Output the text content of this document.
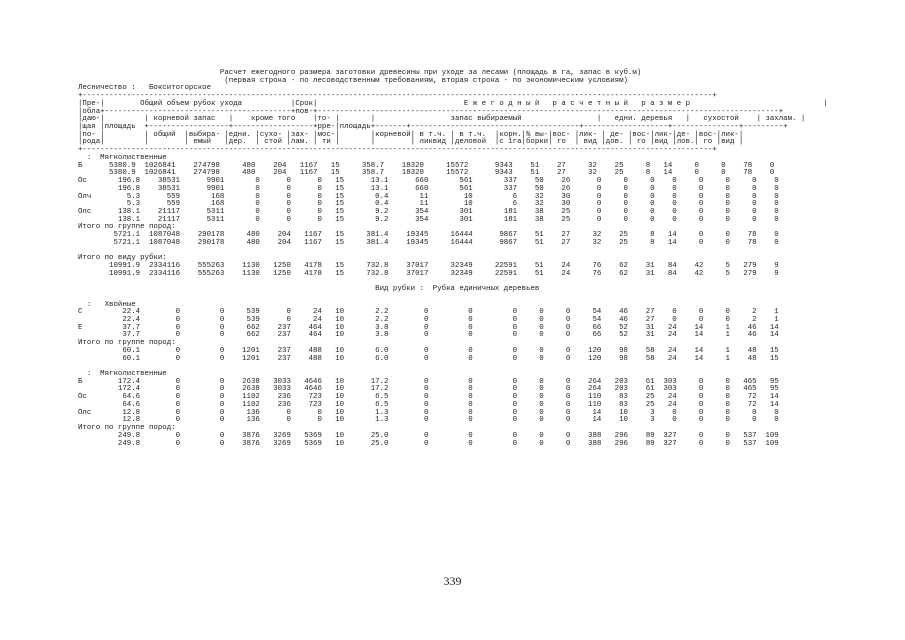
Расчет ежегодного размера заготовки древесины при уходе за лесами (площадь в га, запас в куб.м)
(первая строка - по лесоводственным требованиям, вторая строка - по экономическим условиям)
Лесничество :   Бокситогорское
+----------------------------------------------------------------------------------------------------------------------------------------------+
|Пре-|        Общий объем рубок ухода           |Срок|                                 Е ж е г о д н ы й   р а с ч е т н ы й   р а з м е р                              |
|обла+------------------------------------------+пов-+--------------------------------------------------------------------------------------------------------+
|даю-|         | корневой запас   |    кроме того    |то- |       |                 запас выбираемый                 |   едни. деревья   |   сухостой    | захлам. |
|щая |площадь  +------------------+------------------+рре-|площадь+-------+--------------------------------------+-------------------+---------------+---------+
|по- |         | общий  |выбира- |едни. |сухо- |зах- |мос-|       |корневой| в т.ч. | в т.ч.  |корн.|% вы-|вос- |лик- | де- |вос-|лик-|де- |вос-|лик-|
|рода|         |        | емый   |дер.  | стой |лам. | ти |       |        | ликвид |деловой  |с 1га|борки| го  | вид |дов. | го |вид |лов.| го |вид |
+----------------------------------------------------------------------------------------------------------------------------------------------+
:  Мягколиственные
Б      5380.9  1026841    274798     480    204   1167   15     358.7    18320     15572      9343    51    27     32    25     8   14     0     0    78    0
5380.9  1026841    274798     480    204   1167   15     358.7    18320     15572      9343    51    27     32    25     8   14     0     0    78    0
Ос       196.8    38531      9901       0      0      0   15      13.1      660       561       337    50    26      0     0     0    0     0     0     0    0
196.8    38531      9901       0      0      0   15      13.1      660       561       337    50    26      0     0     0    0     0     0     0    0
Олч        5.3      559       168       0      0      0   15       0.4       11        10         6    32    30      0     0     0    0     0     0     0    0
5.3      559       168       0      0      0   15       0.4       11        10         6    32    30      0     0     0    0     0     0     0    0
Олс      138.1    21117      5311       0      0      0   15       9.2      354       301       181    38    25      0     0     0    0     0     0     0    0
138.1    21117      5311       0      0      0   15       9.2      354       301       181    38    25      0     0     0    0     0     0     0    0
Итого по группе пород:
5721.1  1087048    290178     480    204   1167   15     381.4    19345     16444      9867    51    27     32    25     8   14     0     0    78    0
5721.1  1087048    290178     480    204   1167   15     381.4    19345     16444      9867    51    27     32    25     8   14     0     0    78    0
Итого по виду рубки:
10991.9  2334116    555263    1130   1250   4178   15     732.8    37017     32349     22591    51    24     76    62    31   84    42     5   279    9
10991.9  2334116    555263    1130   1250   4178   15     732.8    37017     32349     22591    51    24     76    62    31   84    42     5   279    9
Вид рубки :  Рубка единичных деревьев
:   Хвойные
С         22.4        0         0     539      0     24   10       2.2        0         0         0     0     0     54    46    27    0     0     0     2    1
22.4        0         0     539      0     24   10       2.2        0         0         0     0     0     54    46    27    0     0     0     2    1
Е         37.7        0         0     662    237    464   10       3.8        0         0         0     0     0     66    52    31   24    14     1    46   14
37.7        0         0     662    237    464   10       3.8        0         0         0     0     0     66    52    31   24    14     1    46   14
Итого по группе пород:
60.1        0         0    1201    237    488   10       6.0        0         0         0     0     0    120    98    58   24    14     1    48   15
60.1        0         0    1201    237    488   10       6.0        0         0         0     0     0    120    98    58   24    14     1    48   15
:  Мягколиственные
Б        172.4        0         0    2638   3033   4646   10      17.2        0         0         0     0     0    264   203    61  303     0     0   465   95
172.4        0         0    2638   3033   4646   10      17.2        0         0         0     0     0    264   203    61  303     0     0   465   95
Ос        64.6        0         0    1102    236    723   10       6.5        0         0         0     0     0    110    83    25   24     0     0    72   14
64.6        0         0    1102    236    723   10       6.5        0         0         0     0     0    110    83    25   24     0     0    72   14
Олс       12.8        0         0     136      0      0   10       1.3        0         0         0     0     0     14    10     3    0     0     0     0    0
12.8        0         0     136      0      0   10       1.3        0         0         0     0     0     14    10     3    0     0     0     0    0
Итого по группе пород:
249.8        0         0    3876   3269   5369   10      25.0        0         0         0     0     0    388   296    89  327     0     0   537  109
249.8        0         0    3876   3269   5369   10      25.0        0         0         0     0     0    388   296    89  327     0     0   537  109
339
